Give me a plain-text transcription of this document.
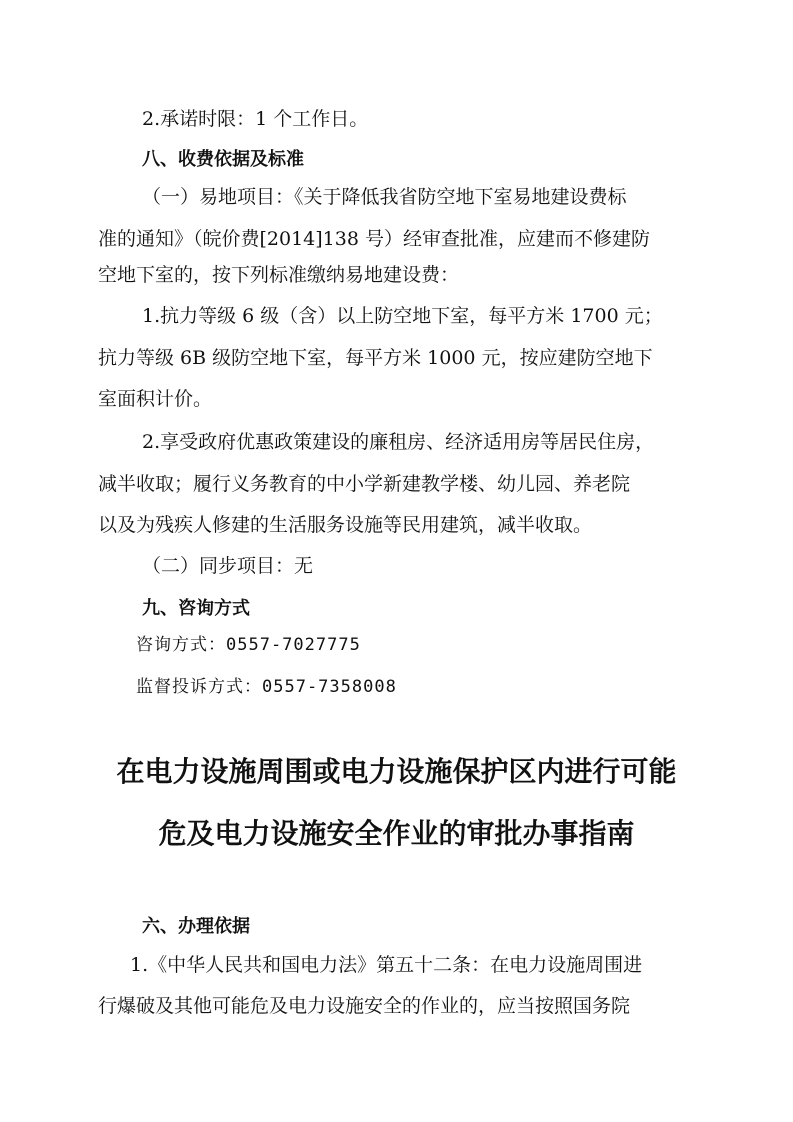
2.承诺时限：1 个工作日。
八、收费依据及标准
（一）易地项目：《关于降低我省防空地下室易地建设费标
准的通知》（皖价费[2014]138 号）经审查批准，应建而不修建防
空地下室的，按下列标准缴纳易地建设费：
1.抗力等级 6 级（含）以上防空地下室，每平方米 1700 元；
抗力等级 6B 级防空地下室，每平方米 1000 元，按应建防空地下
室面积计价。
2.享受政府优惠政策建设的廉租房、经济适用房等居民住房，
减半收取；履行义务教育的中小学新建教学楼、幼儿园、养老院
以及为残疾人修建的生活服务设施等民用建筑，减半收取。
（二）同步项目：无
九、咨询方式
咨询方式：0557-7027775
监督投诉方式：0557-7358008
在电力设施周围或电力设施保护区内进行可能
危及电力设施安全作业的审批办事指南
六、办理依据
1.《中华人民共和国电力法》第五十二条：在电力设施周围进
行爆破及其他可能危及电力设施安全的作业的，应当按照国务院
